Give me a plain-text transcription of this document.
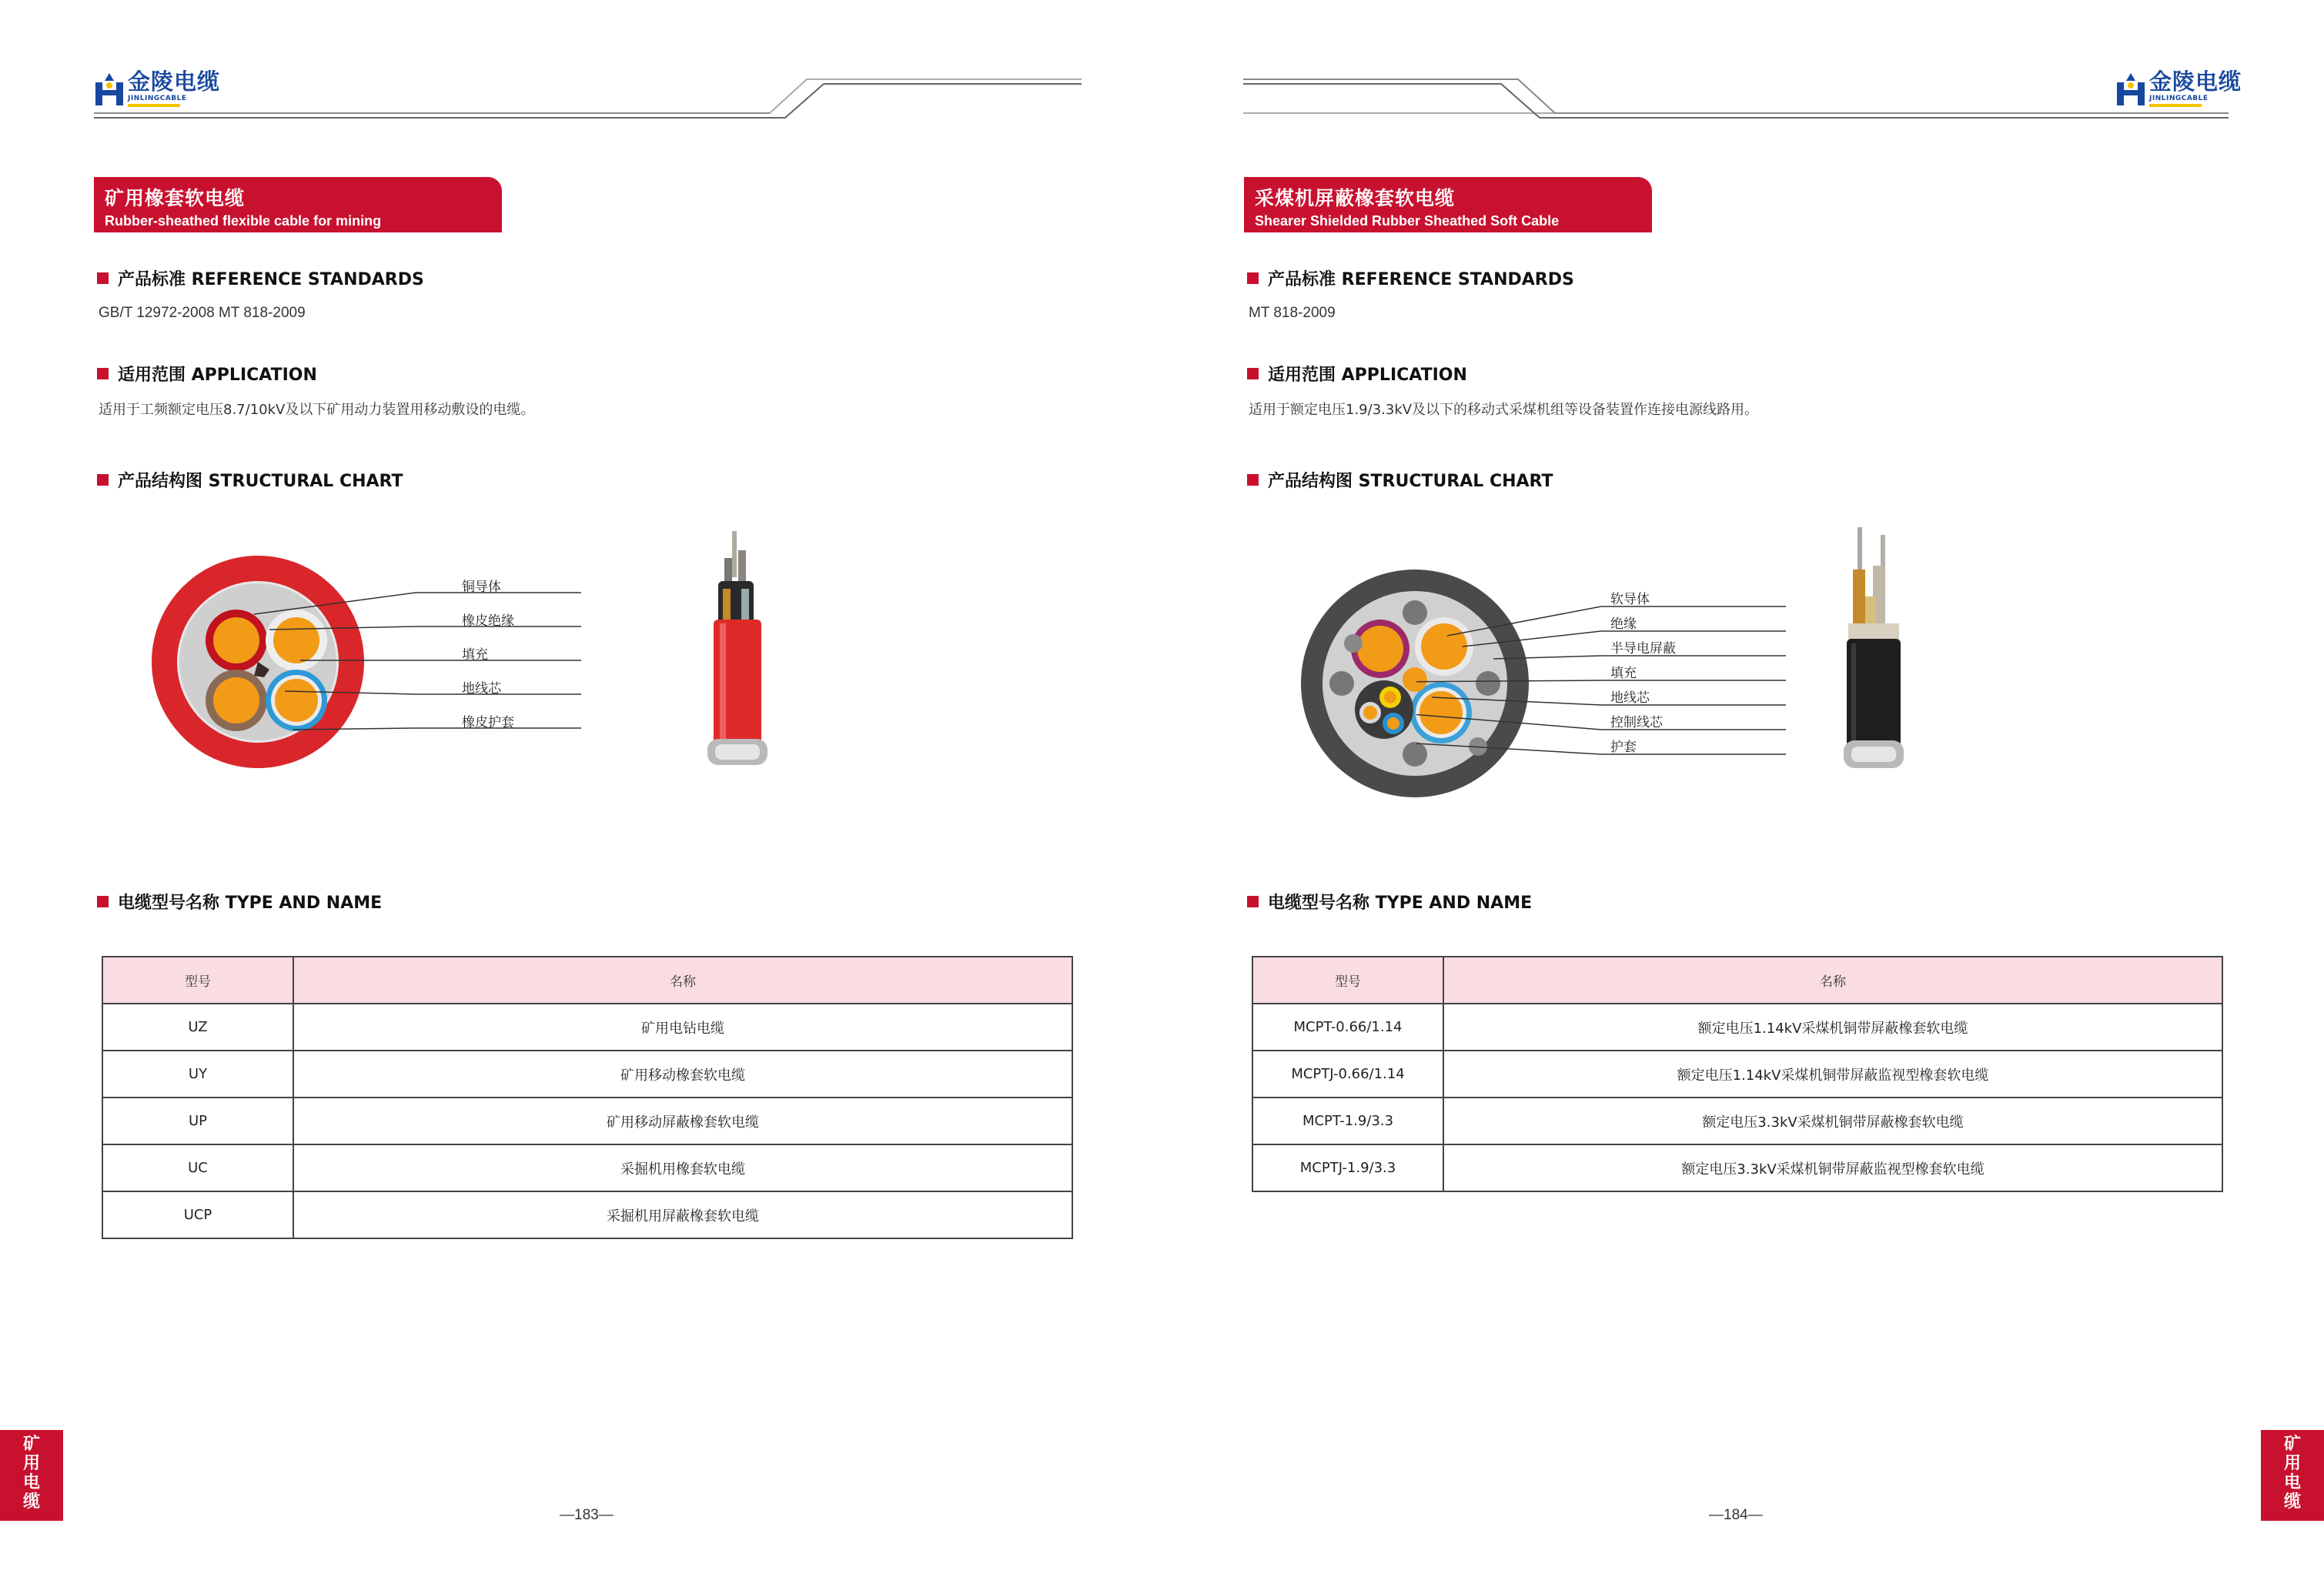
金陵电缆
JINLINGCABLE
矿用橡套软电缆
Rubber-sheathed flexible cable for mining
产品标准 REFERENCE STANDARDS
GB/T 12972-2008 MT 818-2009
适用范围 APPLICATION
适用于工频额定电压8.7/10kⅤ及以下矿用动力装置用移动敷设的电缆。
产品结构图 STRUCTURAL CHART
铜导体
橡皮绝缘
填充
地线芯
橡皮护套
电缆型号名称 TYPE AND NAME
型号	名称
UZ	矿用电钻电缆
UY	矿用移动橡套软电缆
UP	矿用移动屏蔽橡套软电缆
UC	采掘机用橡套软电缆
UCP	采掘机用屏蔽橡套软电缆
矿用电缆
—183—
金陵电缆
JINLINGCABLE
采煤机屏蔽橡套软电缆
Shearer Shielded Rubber Sheathed Soft Cable
产品标准 REFERENCE STANDARDS
MT 818-2009
适用范围 APPLICATION
适用于额定电压1.9/3.3kV及以下的移动式采煤机组等设备装置作连接电源线路用。
产品结构图 STRUCTURAL CHART
软导体
绝缘
半导电屏蔽
填充
地线芯
控制线芯
护套
电缆型号名称 TYPE AND NAME
型号	名称
MCPT-0.66/1.14	额定电压1.14kV采煤机铜带屏蔽橡套软电缆
MCPTJ-0.66/1.14	额定电压1.14kV采煤机铜带屏蔽监视型橡套软电缆
MCPT-1.9/3.3	额定电压3.3kV采煤机铜带屏蔽橡套软电缆
MCPTJ-1.9/3.3	额定电压3.3kV采煤机铜带屏蔽监视型橡套软电缆
矿用电缆
—184—
